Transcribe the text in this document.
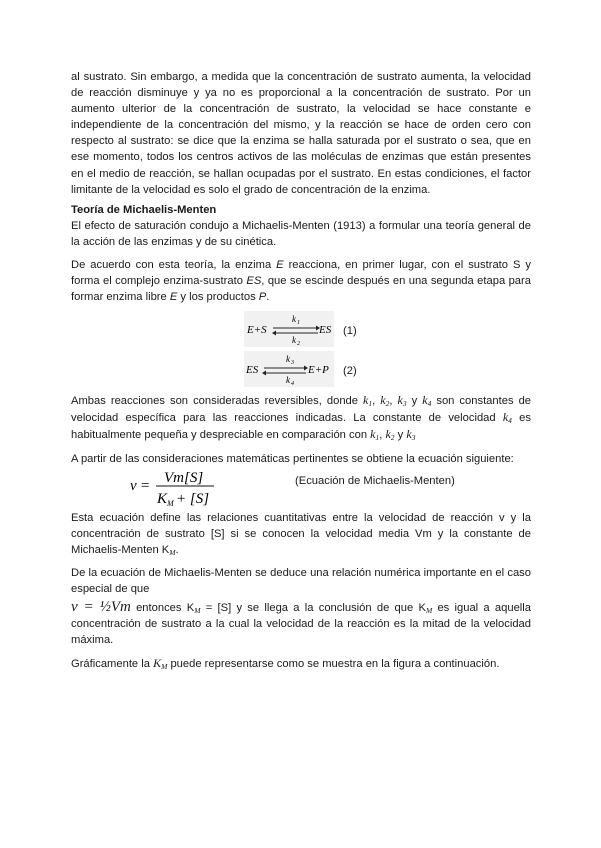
al sustrato. Sin embargo, a medida que la concentración de sustrato aumenta, la velocidad de reacción disminuye y ya no es proporcional a la concentración de sustrato. Por un aumento ulterior de la concentración de sustrato, la velocidad se hace constante e independiente de la concentración del mismo, y la reacción se hace de orden cero con respecto al sustrato: se dice que la enzima se halla saturada por el sustrato o sea, que en ese momento, todos los centros activos de las moléculas de enzimas que están presentes en el medio de reacción, se hallan ocupadas por el sustrato. En estas condiciones, el factor limitante de la velocidad es solo el grado de concentración de la enzima.

Teoría de Michaelis-Menten

El efecto de saturación condujo a Michaelis-Menten (1913) a formular una teoría general de la acción de las enzimas y de su cinética.

De acuerdo con esta teoría, la enzima E reacciona, en primer lugar, con el sustrato S y forma el complejo enzima-sustrato ES, que se escinde después en una segunda etapa para formar enzima libre E y los productos P.

E+S
k 1
k 2
ES (1)
ES
k 3
k 4
E+P (2)

Ambas reacciones son consideradas reversibles, donde $k_1$, $k_2$, $k_3$ y $k_4$ son constantes de velocidad específica para las reacciones indicadas. La constante de velocidad $k_4$ es habitualmente pequeña y despreciable en comparación con $k_1$, $k_2$ y $k_3$

A partir de las consideraciones matemáticas pertinentes se obtiene la ecuación siguiente:

v = Vm[S]
K M + [S]
(Ecuación de Michaelis-Menten)

Esta ecuación define las relaciones cuantitativas entre la velocidad de reacción v y la concentración de sustrato [S] si se conocen la velocidad media Vm y la constante de Michaelis-Menten $K_M$.

De la ecuación de Michaelis-Menten se deduce una relación numérica importante en el caso especial de que

v = ½Vm entonces $K_M = [S]$ y se llega a la conclusión de que $K_M$ es igual a aquella concentración de sustrato a la cual la velocidad de la reacción es la mitad de la velocidad máxima.

Gráficamente la $K_M$ puede representarse como se muestra en la figura a continuación.
